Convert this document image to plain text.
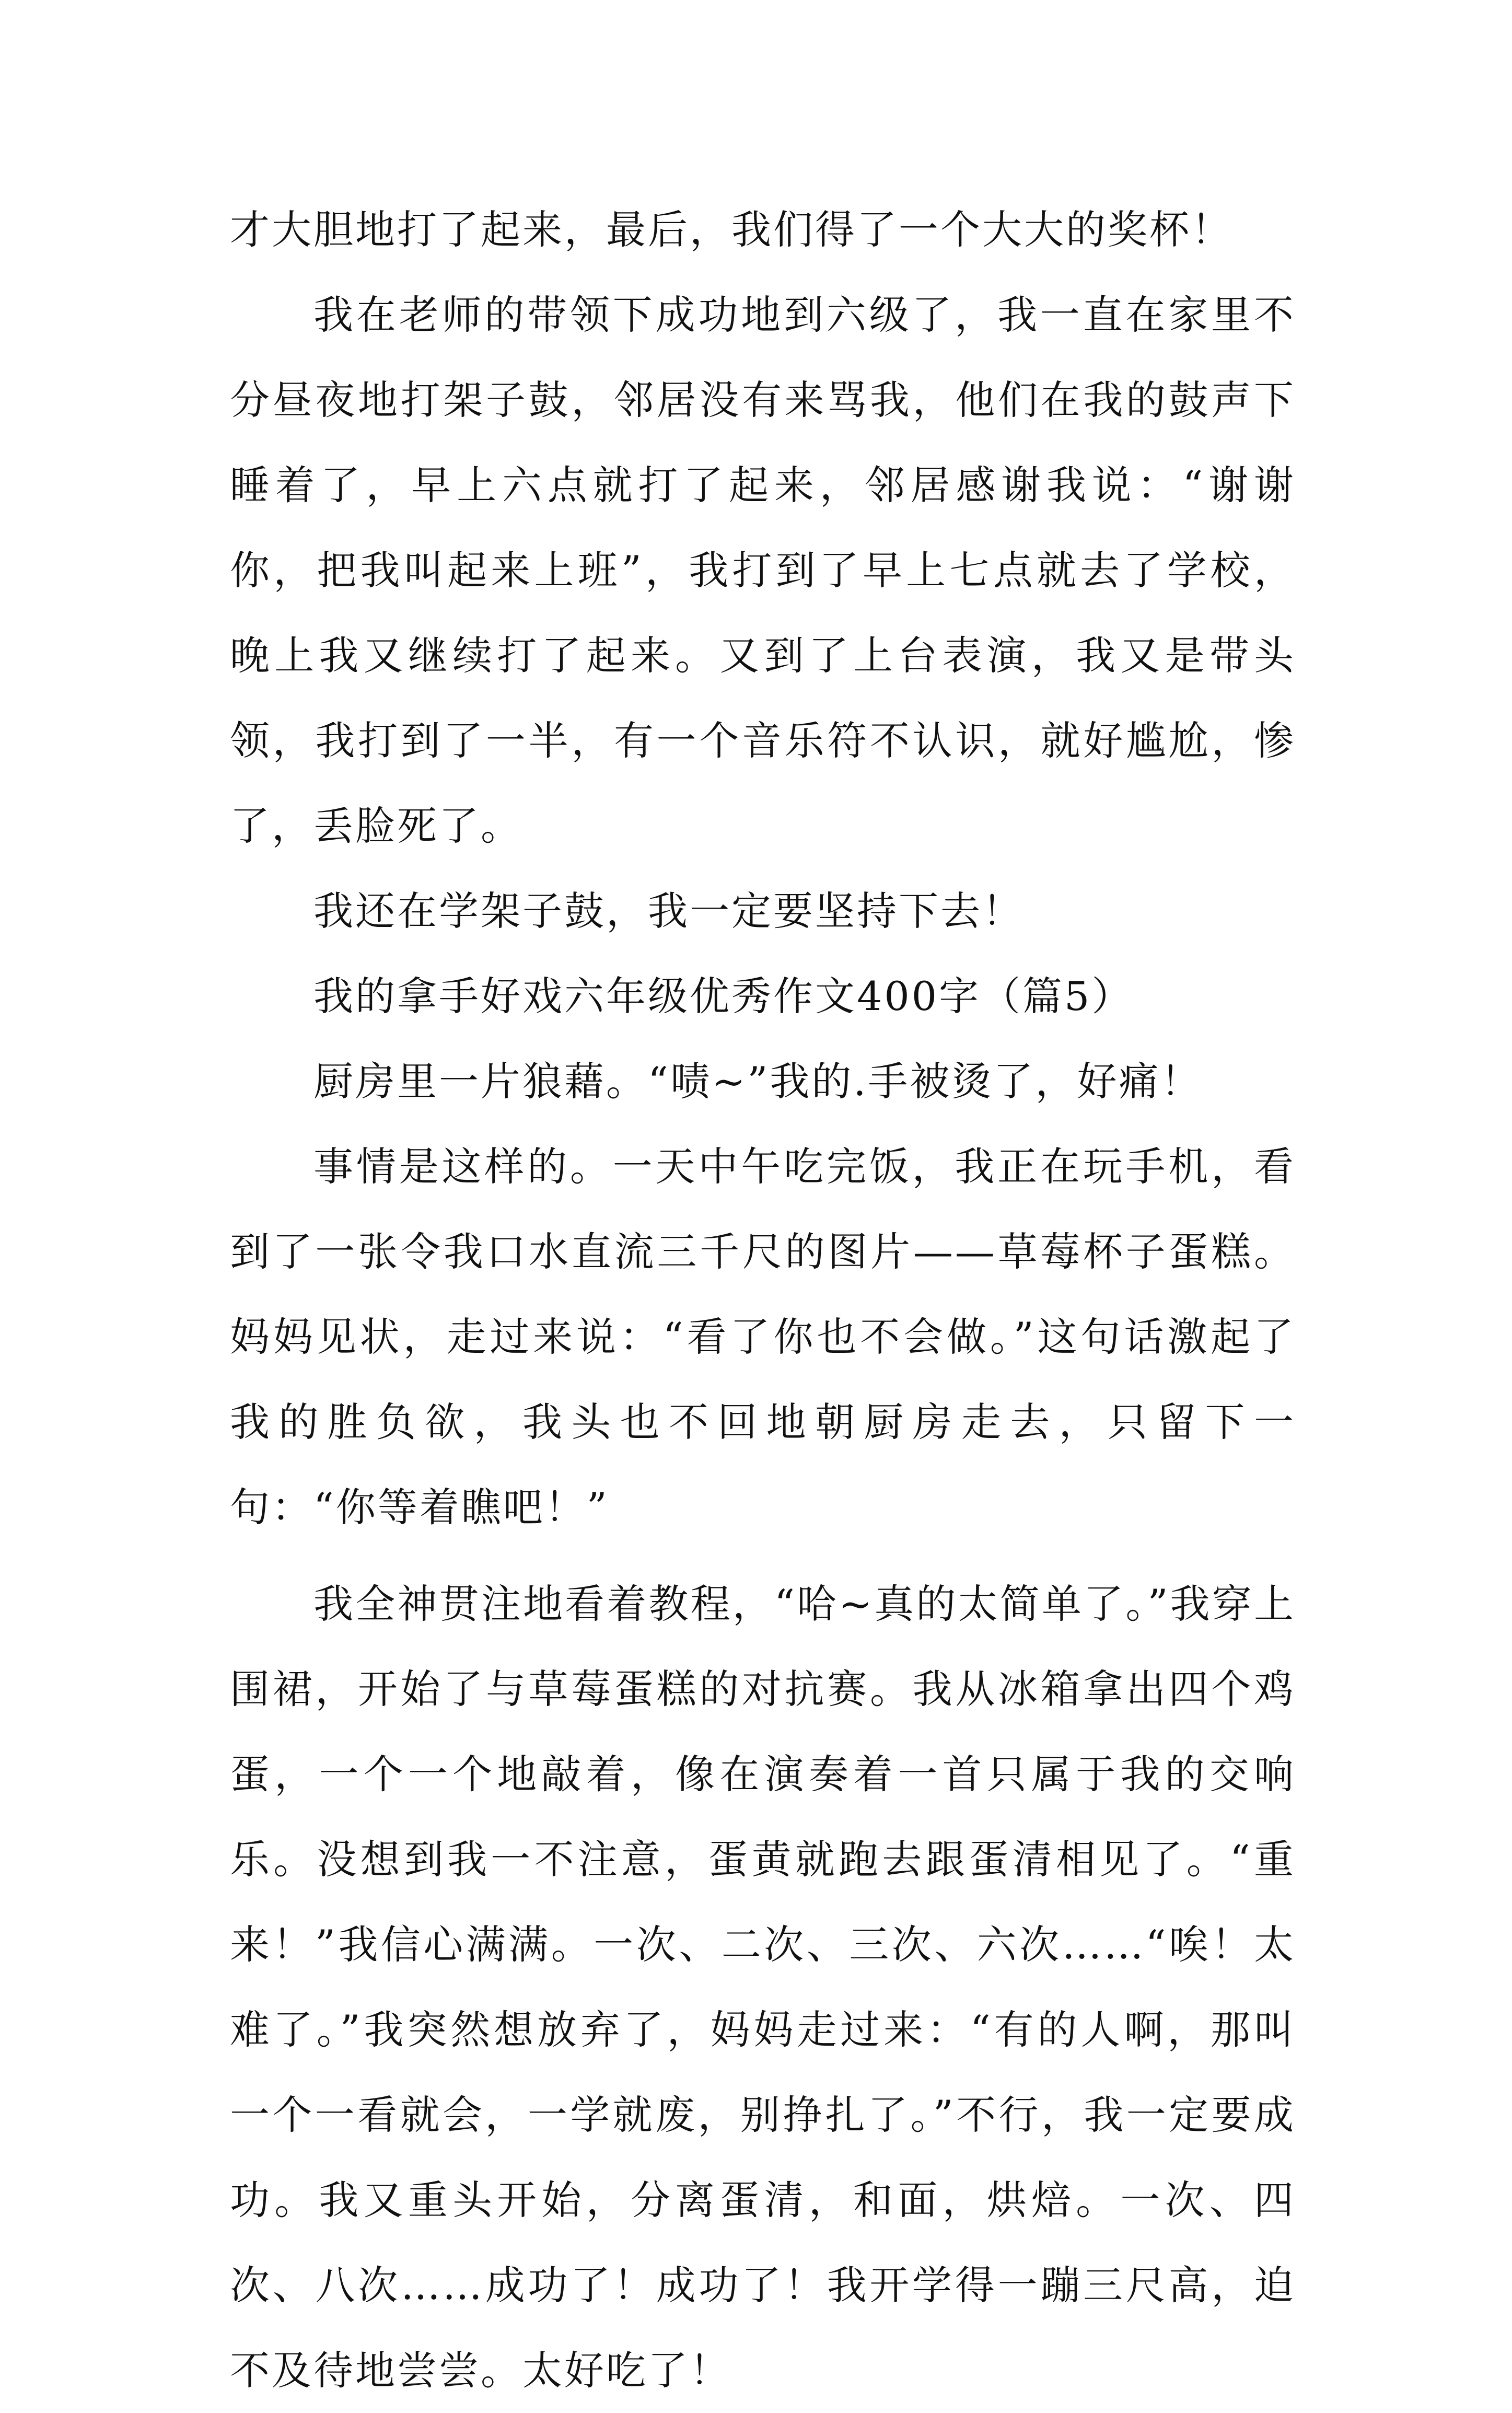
才大胆地打了起来，最后，我们得了一个大大的奖杯！

我在老师的带领下成功地到六级了，我一直在家里不分昼夜地打架子鼓，邻居没有来骂我，他们在我的鼓声下睡着了，早上六点就打了起来，邻居感谢我说：“谢谢你，把我叫起来上班”，我打到了早上七点就去了学校，晚上我又继续打了起来。又到了上台表演，我又是带头领，我打到了一半，有一个音乐符不认识，就好尴尬，惨了，丢脸死了。

我还在学架子鼓，我一定要坚持下去！

我的拿手好戏六年级优秀作文400字（篇5）

厨房里一片狼藉。“啧~”我的.手被烫了，好痛！

事情是这样的。一天中午吃完饭，我正在玩手机，看到了一张令我口水直流三千尺的图片——草莓杯子蛋糕。妈妈见状，走过来说：“看了你也不会做。”这句话激起了我的胜负欲，我头也不回地朝厨房走去，只留下一句：“你等着瞧吧！”

我全神贯注地看着教程，“哈~真的太简单了。”我穿上围裙，开始了与草莓蛋糕的对抗赛。我从冰箱拿出四个鸡蛋，一个一个地敲着，像在演奏着一首只属于我的交响乐。没想到我一不注意，蛋黄就跑去跟蛋清相见了。“重来！”我信心满满。一次、二次、三次、六次……“唉！太难了。”我突然想放弃了，妈妈走过来：“有的人啊，那叫一个一看就会，一学就废，别挣扎了。”不行，我一定要成功。我又重头开始，分离蛋清，和面，烘焙。一次、四次、八次……成功了！成功了！我开学得一蹦三尺高，迫不及待地尝尝。太好吃了！
